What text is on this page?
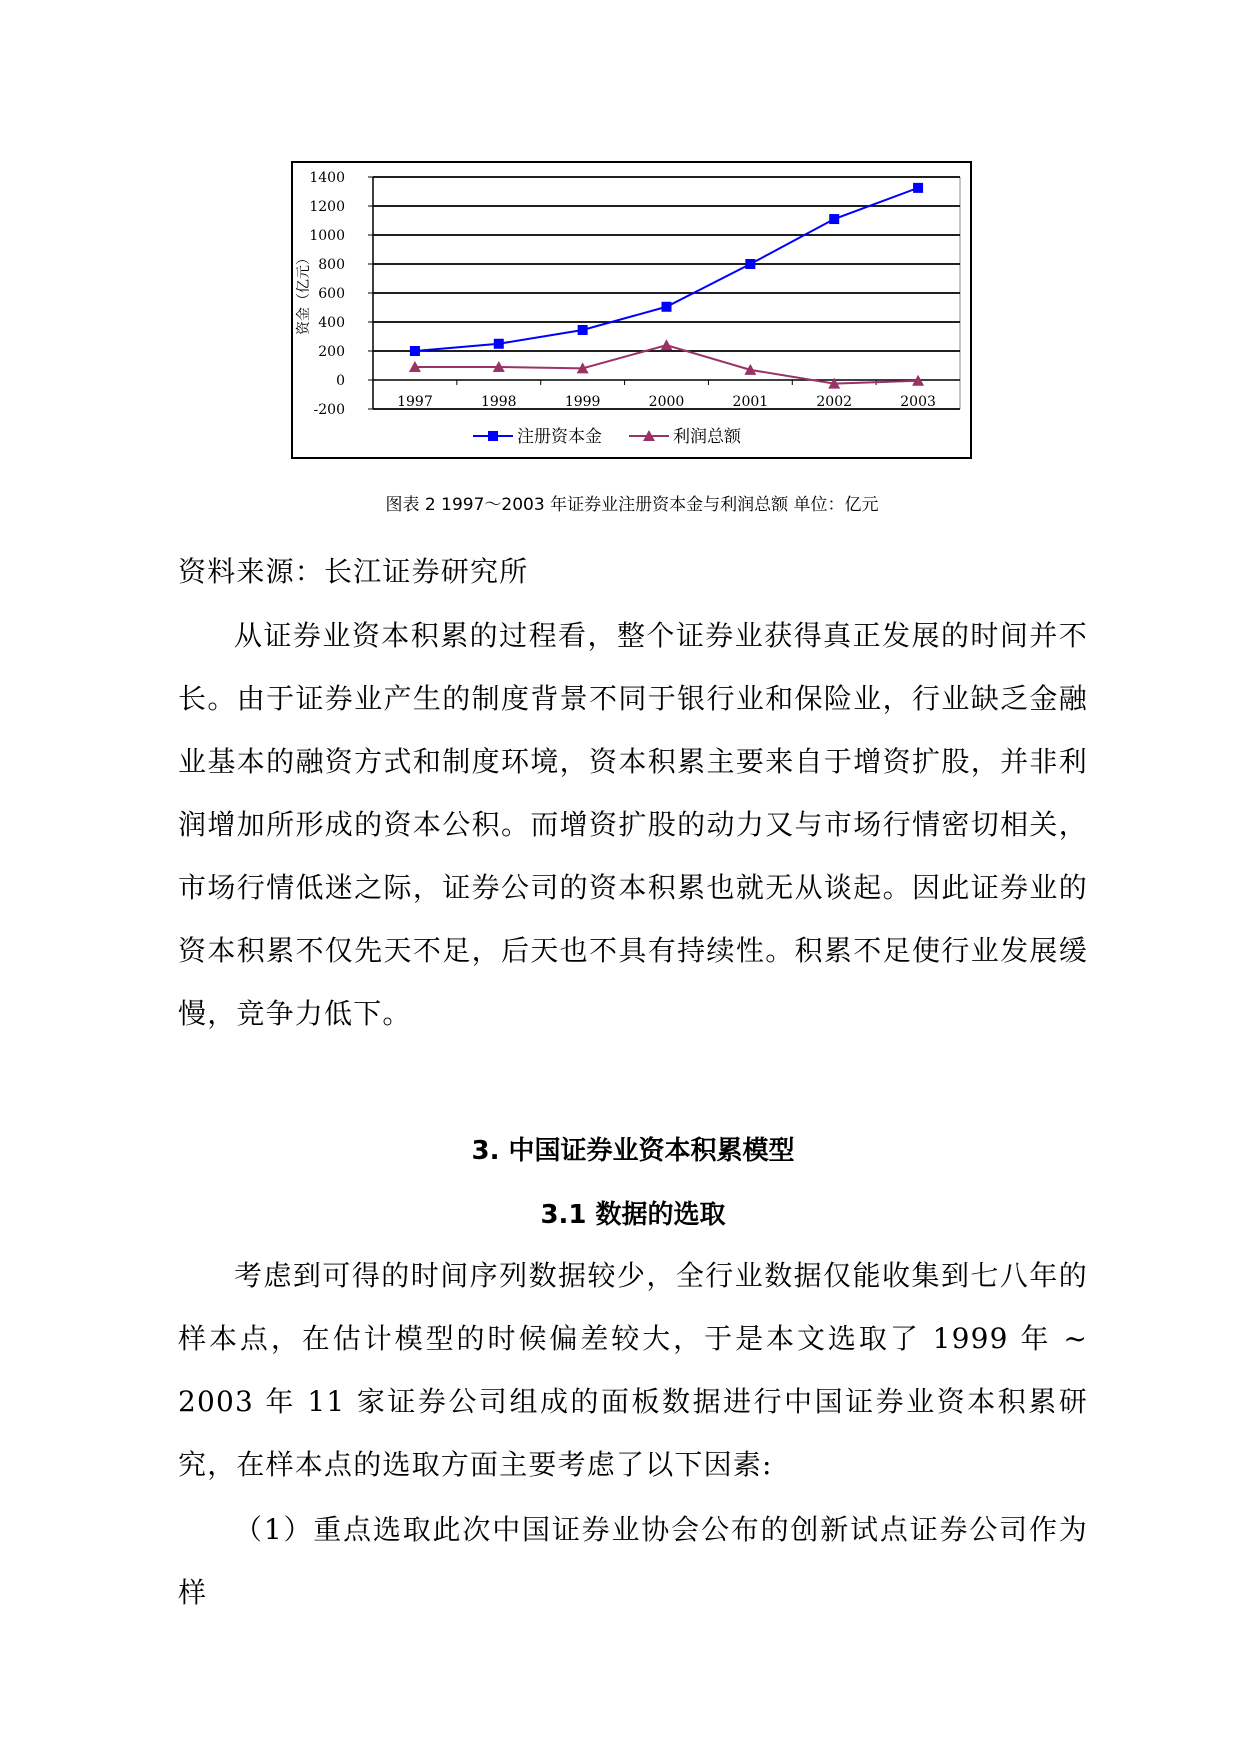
1400
1200
1000
800
600
400
200
0
-200	1997	1998	1999	2000	2001	2002	2003
资金（亿元）
注册资本金	利润总额
图表 2 1997～2003 年证券业注册资本金与利润总额 单位：亿元

资料来源：长江证券研究所

从证券业资本积累的过程看，整个证券业获得真正发展的时间并不长。由于证券业产生的制度背景不同于银行业和保险业，行业缺乏金融业基本的融资方式和制度环境，资本积累主要来自于增资扩股，并非利润增加所形成的资本公积。而增资扩股的动力又与市场行情密切相关，市场行情低迷之际，证券公司的资本积累也就无从谈起。因此证券业的资本积累不仅先天不足，后天也不具有持续性。积累不足使行业发展缓慢，竞争力低下。

3. 中国证券业资本积累模型
3.1 数据的选取

考虑到可得的时间序列数据较少，全行业数据仅能收集到七八年的样本点，在估计模型的时候偏差较大，于是本文选取了 1999 年 ~ 2003 年 11 家证券公司组成的面板数据进行中国证券业资本积累研究，在样本点的选取方面主要考虑了以下因素:

（1）重点选取此次中国证券业协会公布的创新试点证券公司作为样
